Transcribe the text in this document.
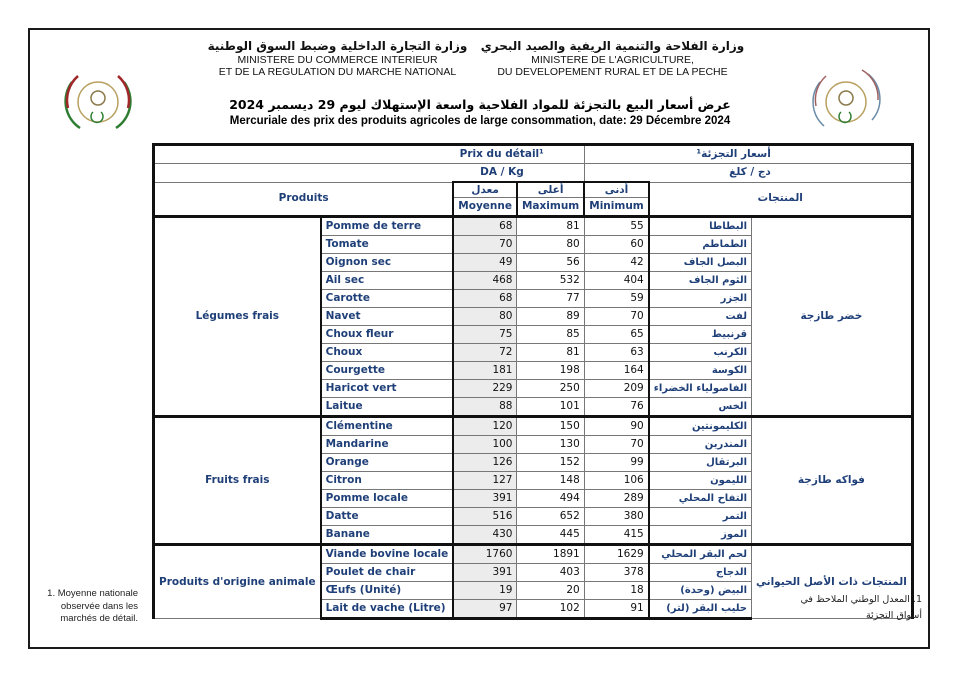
وزارة التجارة الداخلية وضبط السوق الوطنية
MINISTERE DU COMMERCE INTERIEUR
ET DE LA REGULATION DU MARCHE NATIONAL
وزارة الفلاحة والتنمية الريفية والصيد البحري
MINISTERE DE L'AGRICULTURE,
DU DEVELOPEMENT RURAL ET DE LA PECHE
عرض أسعار البيع بالتجزئة للمواد الفلاحية واسعة الإستهلاك ليوم 29 ديسمبر 2024
Mercuriale des prix des produits agricoles de large consommation, date: 29 Décembre 2024
Prix du détail¹				أسعار التجزئة¹		
DA / Kg				دج / كلغ		
Produits		معدل	أعلى	أدنى	المنتجات	
		Moyenne	Maximum	Minimum		
Légumes frais	Pomme de terre	68	81	55	البطاطا	خضر طازجة
	Tomate	70	80	60	الطماطم	
	Oignon sec	49	56	42	البصل الجاف	
	Ail sec	468	532	404	الثوم الجاف	
	Carotte	68	77	59	الجزر	
	Navet	80	89	70	لفت	
	Choux fleur	75	85	65	قرنبيط	
	Choux	72	81	63	الكرنب	
	Courgette	181	198	164	الكوسة	
	Haricot vert	229	250	209	الفاصولياء الخضراء	
	Laitue	88	101	76	الخس	
Fruits frais	Clémentine	120	150	90	الكليمونتين	فواكه طازجة
	Mandarine	100	130	70	المندرين	
	Orange	126	152	99	البرتقال	
	Citron	127	148	106	الليمون	
	Pomme locale	391	494	289	التفاح المحلي	
	Datte	516	652	380	التمر	
	Banane	430	445	415	الموز	
Produits d'origine animale	Viande bovine locale	1760	1891	1629	لحم البقر المحلي	المنتجات ذات الأصل الحيواني
	Poulet de chair	391	403	378	الدجاج	
	Œufs (Unité)	19	20	18	البيض (وحدة)	
	Lait de vache (Litre)	97	102	91	حليب البقر (لتر)	
1. Moyenne nationale observée dans les marchés de détail.
1. المعدل الوطني الملاحظ في أسواق التجزئة
